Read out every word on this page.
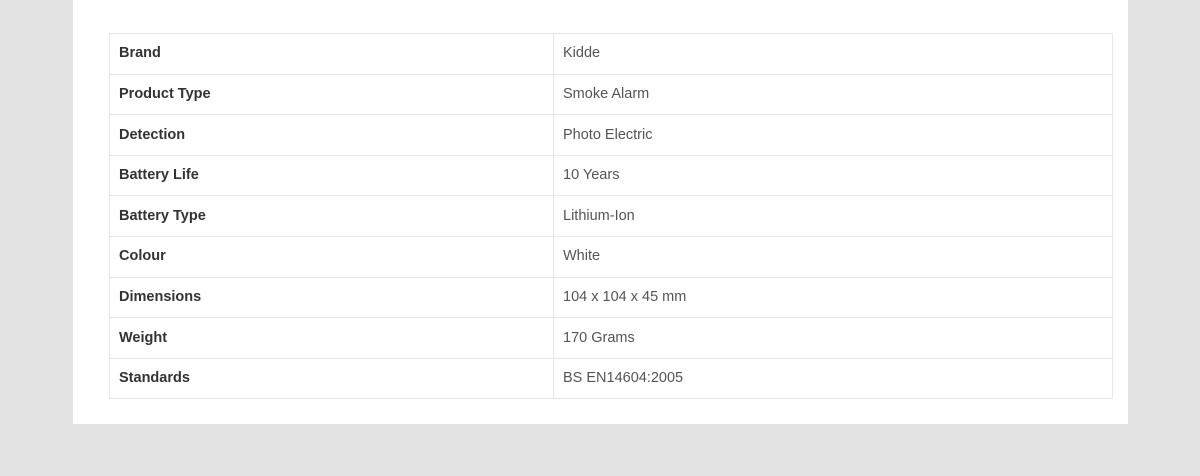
Brand	Kidde
Product Type	Smoke Alarm
Detection	Photo Electric
Battery Life	10 Years
Battery Type	Lithium-Ion
Colour	White
Dimensions	104 x 104 x 45 mm
Weight	170 Grams
Standards	BS EN14604:2005
